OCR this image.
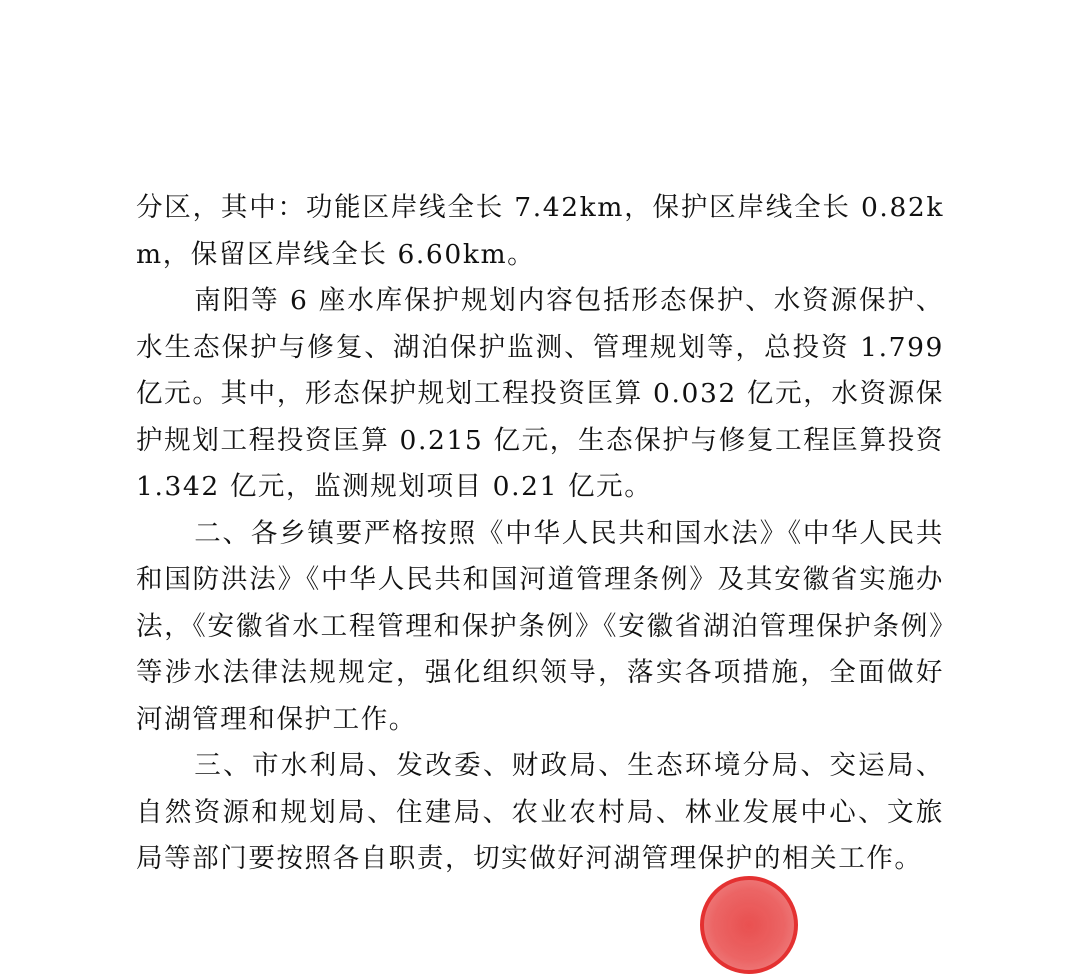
分区，其中：功能区岸线全长 7.42km，保护区岸线全长 0.82km，保留区岸线全长 6.60km。

南阳等 6 座水库保护规划内容包括形态保护、水资源保护、水生态保护与修复、湖泊保护监测、管理规划等，总投资 1.799 亿元。其中，形态保护规划工程投资匡算 0.032 亿元，水资源保护规划工程投资匡算 0.215 亿元，生态保护与修复工程匡算投资 1.342 亿元，监测规划项目 0.21 亿元。

二、各乡镇要严格按照《中华人民共和国水法》《中华人民共和国防洪法》《中华人民共和国河道管理条例》及其安徽省实施办法，《安徽省水工程管理和保护条例》《安徽省湖泊管理保护条例》等涉水法律法规规定，强化组织领导，落实各项措施，全面做好河湖管理和保护工作。

三、市水利局、发改委、财政局、生态环境分局、交运局、自然资源和规划局、住建局、农业农村局、林业发展中心、文旅局等部门要按照各自职责，切实做好河湖管理保护的相关工作。
